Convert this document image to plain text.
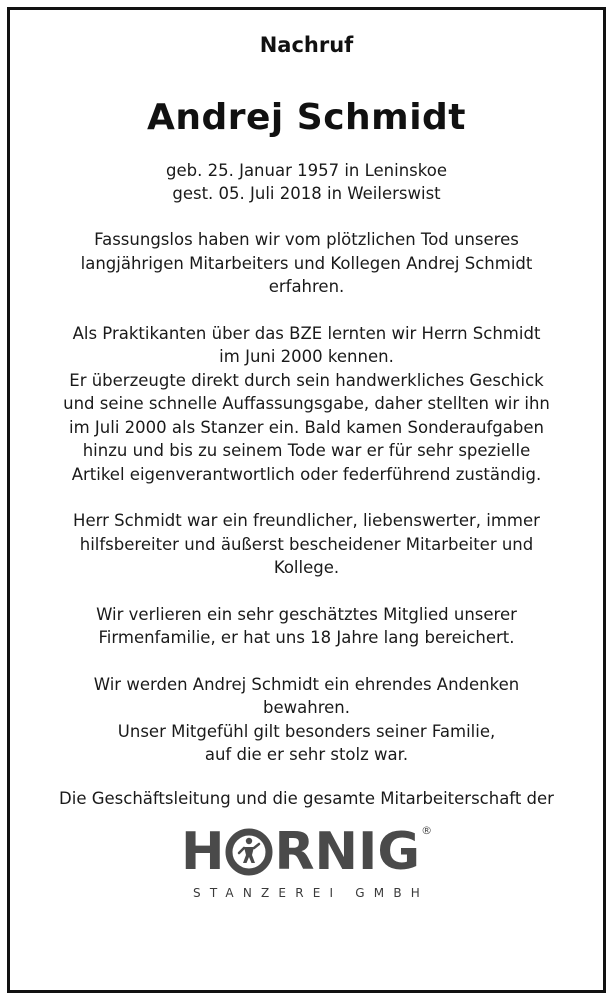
Nachruf
Andrej Schmidt
geb. 25. Januar 1957 in Leninskoe
gest. 05. Juli 2018 in Weilerswist
Fassungslos haben wir vom plötzlichen Tod unseres
langjährigen Mitarbeiters und Kollegen Andrej Schmidt
erfahren.
Als Praktikanten über das BZE lernten wir Herrn Schmidt
im Juni 2000 kennen.
Er überzeugte direkt durch sein handwerkliches Geschick
und seine schnelle Auffassungsgabe, daher stellten wir ihn
im Juli 2000 als Stanzer ein. Bald kamen Sonderaufgaben
hinzu und bis zu seinem Tode war er für sehr spezielle
Artikel eigenverantwortlich oder federführend zuständig.
Herr Schmidt war ein freundlicher, liebenswerter, immer
hilfsbereiter und äußerst bescheidener Mitarbeiter und
Kollege.
Wir verlieren ein sehr geschätztes Mitglied unserer
Firmenfamilie, er hat uns 18 Jahre lang bereichert.
Wir werden Andrej Schmidt ein ehrendes Andenken
bewahren.
Unser Mitgefühl gilt besonders seiner Familie,
auf die er sehr stolz war.
Die Geschäftsleitung und die gesamte Mitarbeiterschaft der
H RNIG ®
STANZEREI GMBH
